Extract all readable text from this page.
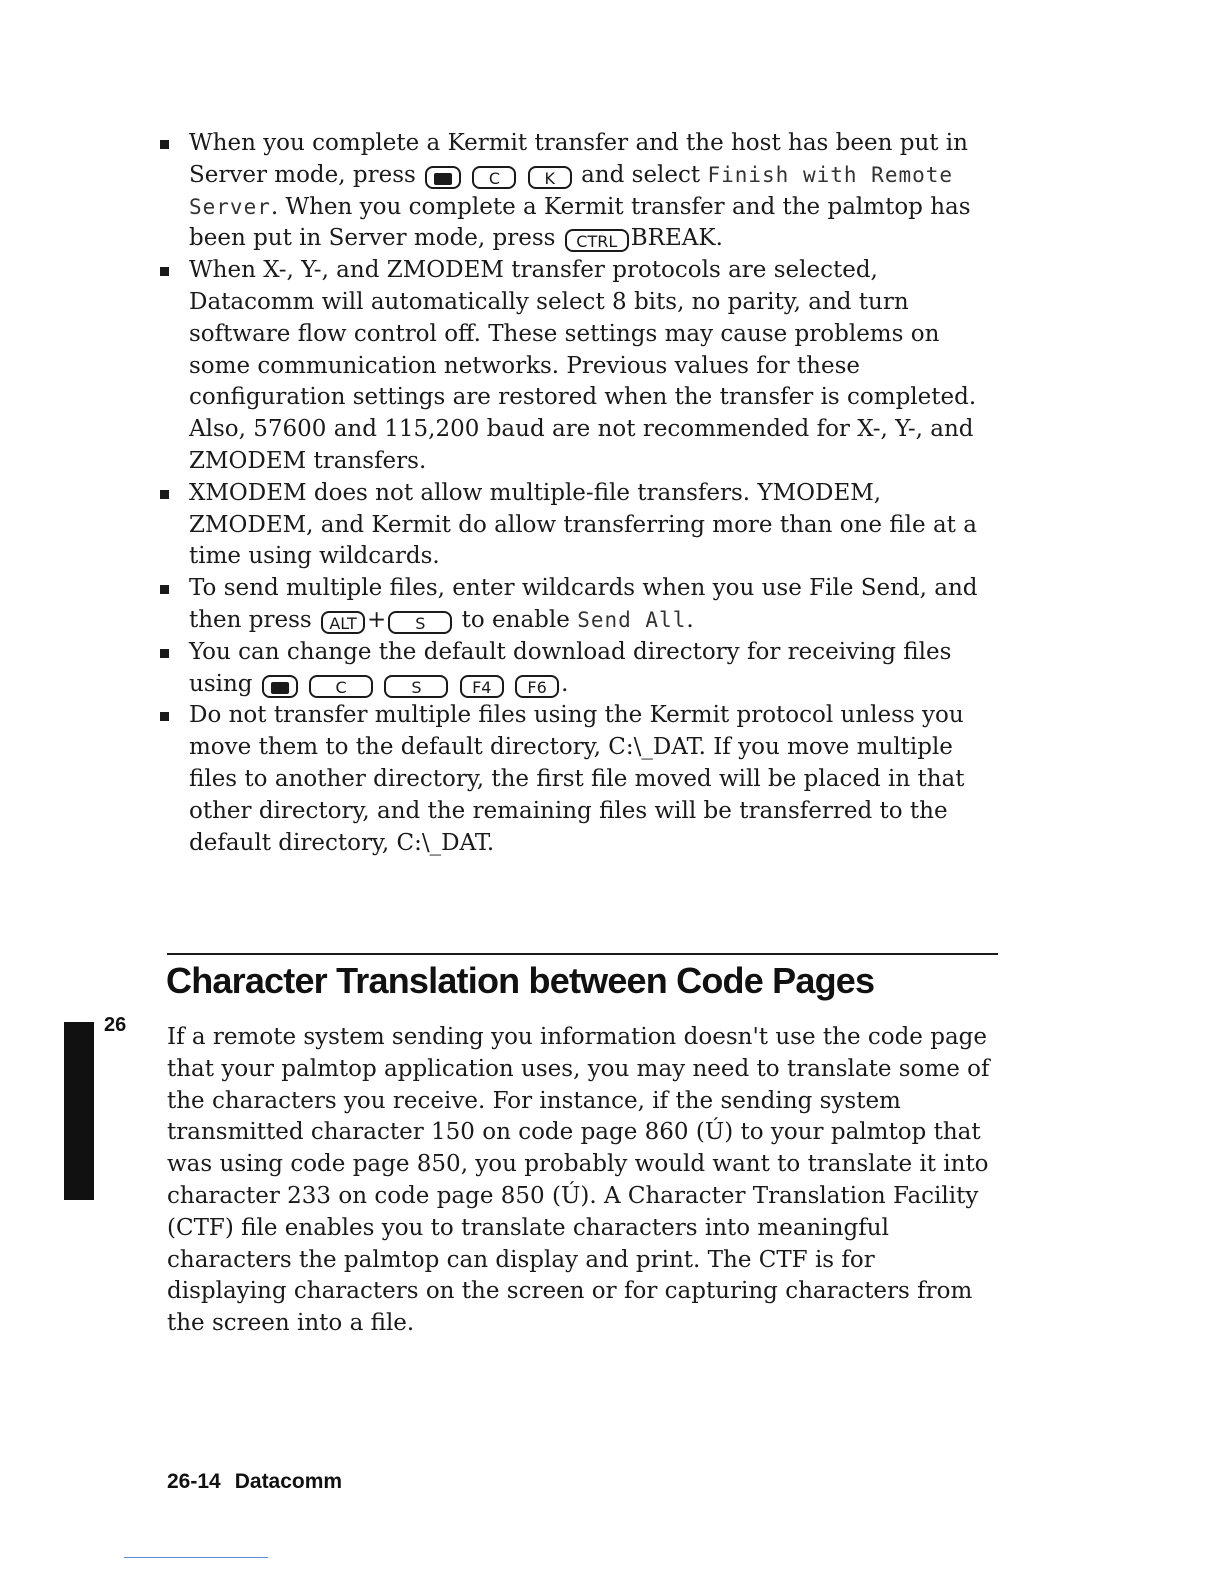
When you complete a Kermit transfer and the host has been put in Server mode, press	C	K and select Finish with Remote Server. When you complete a Kermit transfer and the palmtop has been put in Server mode, press CTRL BREAK.
When X-, Y-, and ZMODEM transfer protocols are selected, Datacomm will automatically select 8 bits, no parity, and turn software flow control off. These settings may cause problems on some communication networks. Previous values for these configuration settings are restored when the transfer is completed. Also, 57600 and 115,200 baud are not recommended for X-, Y-, and ZMODEM transfers.
XMODEM does not allow multiple-file transfers. YMODEM, ZMODEM, and Kermit do allow transferring more than one file at a time using wildcards.
To send multiple files, enter wildcards when you use File Send, and then press ALT + S to enable Send All.
You can change the default download directory for receiving files using	C	S	F4 F6 .
Do not transfer multiple files using the Kermit protocol unless you move them to the default directory, C:\_DAT. If you move multiple files to another directory, the first file moved will be placed in that other directory, and the remaining files will be transferred to the default directory, C:\_DAT.
Character Translation between Code Pages
26 If a remote system sending you information doesn't use the code page that your palmtop application uses, you may need to translate some of the characters you receive. For instance, if the sending system transmitted character 150 on code page 860 (Ú) to your palmtop that was using code page 850, you probably would want to translate it into character 233 on code page 850 (Ú). A Character Translation Facility (CTF) file enables you to translate characters into meaningful characters the palmtop can display and print. The CTF is for displaying characters on the screen or for capturing characters from the screen into a file.

26-14 Datacomm
